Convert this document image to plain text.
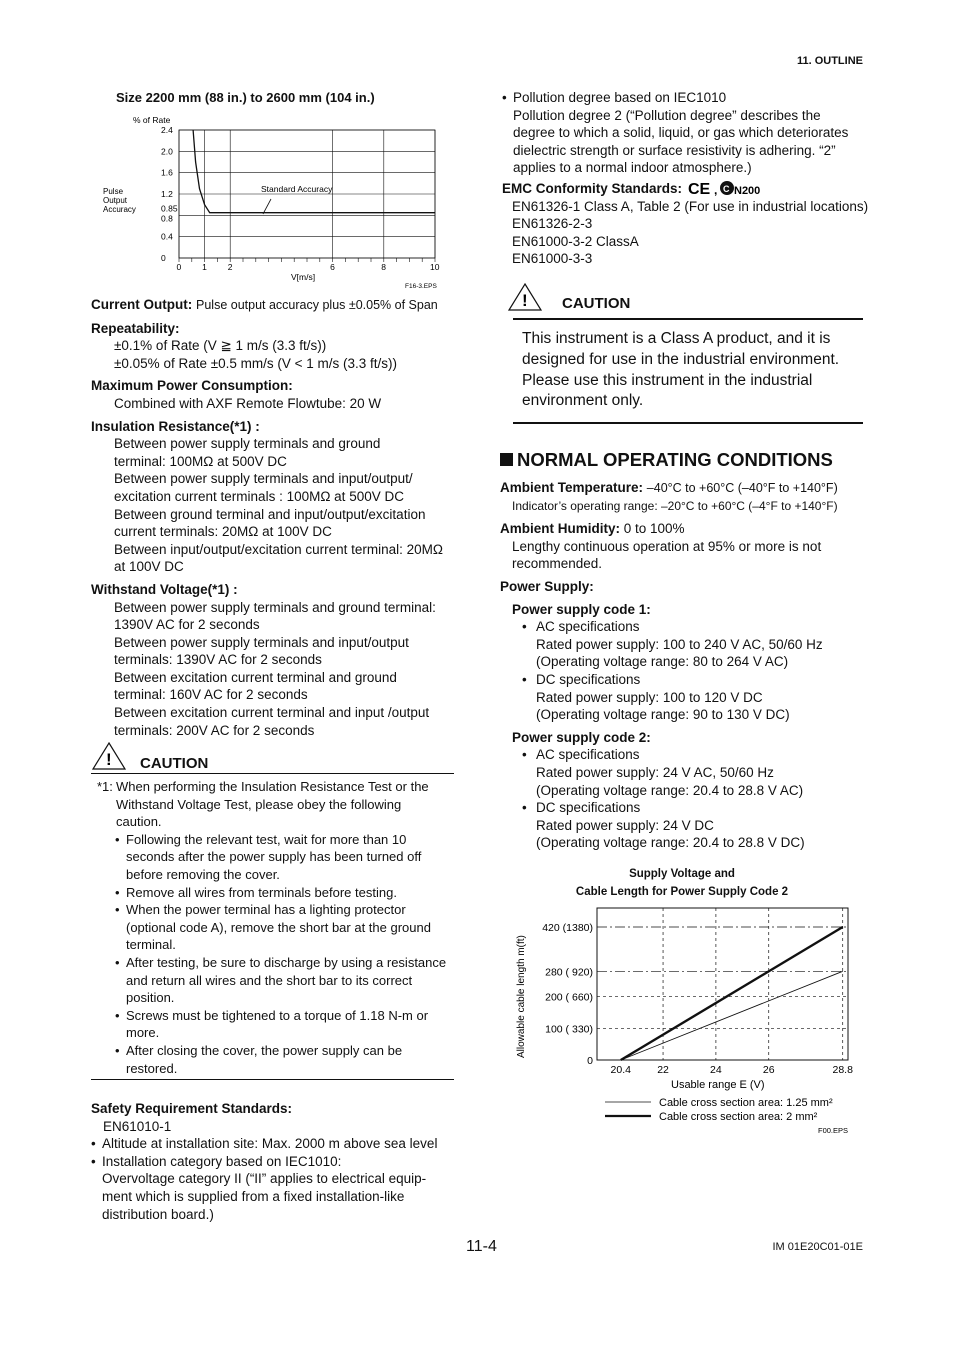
11. OUTLINE
Size 2200 mm (88 in.) to 2600 mm (104 in.)
0
0.4
0.8
0.85
1.2
1.6
2.0
2.4
0 1 2	6	8	10
% of Rate
Pulse Output Accuracy
Standard Accuracy
V[m/s]
F16-3.EPS
Current Output: Pulse output accuracy plus ±0.05% of Span
Repeatability:
±0.1% of Rate (V ≧ 1 m/s (3.3 ft/s))
±0.05% of Rate ±0.5 mm/s (V < 1 m/s (3.3 ft/s))
Maximum Power Consumption:
Combined with AXF Remote Flowtube: 20 W
Insulation Resistance(*1) :
Between power supply terminals and ground
terminal: 100MΩ at 500V DC
Between power supply terminals and input/output/
excitation current terminals : 100MΩ at 500V DC
Between ground terminal and input/output/excitation
current terminals: 20MΩ at 100V DC
Between input/output/excitation current terminal: 20MΩ
at 100V DC
Withstand Voltage(*1) :
Between power supply terminals and ground terminal:
1390V AC for 2 seconds
Between power supply terminals and input/output
terminals: 1390V AC for 2 seconds
Between excitation current terminal and ground
terminal: 160V AC for 2 seconds
Between excitation current terminal and input /output
terminals: 200V AC for 2 seconds
! CAUTION
*1: When performing the Insulation Resistance Test or the
Withstand Voltage Test, please obey the following
caution.
• Following the relevant test, wait for more than 10
seconds after the power supply has been turned off
before removing the cover.
• Remove all wires from terminals before testing.
• When the power terminal has a lighting protector
(optional code A), remove the short bar at the ground
terminal.
• After testing, be sure to discharge by using a resistance
and return all wires and the short bar to its correct
position.
• Screws must be tightened to a torque of 1.18 N-m or
more.
• After closing the cover, the power supply can be
restored.
Safety Requirement Standards:
EN61010-1
• Altitude at installation site: Max. 2000 m above sea level
• Installation category based on IEC1010:
Overvoltage category II (“II” applies to electrical equip-
ment which is supplied from a fixed installation-like
distribution board.)
• Pollution degree based on IEC1010
Pollution degree 2 (“Pollution degree” describes the
degree to which a solid, liquid, or gas which deteriorates
dielectric strength or surface resistivity is adhering. “2”
applies to a normal indoor atmosphere.)
EMC Conformity Standards: CE , C N200
EN61326-1 Class A, Table 2 (For use in industrial locations)
EN61326-2-3
EN61000-3-2 ClassA
EN61000-3-3
! CAUTION
This instrument is a Class A product, and it is
designed for use in the industrial environment.
Please use this instrument in the industrial
environment only.
NORMAL OPERATING CONDITIONS
Ambient Temperature: –40°C to +60°C (–40°F to +140°F)
Indicator’s operating range: –20°C to +60°C (–4°F to +140°F)
Ambient Humidity: 0 to 100%
Lengthy continuous operation at 95% or more is not
recommended.
Power Supply:
Power supply code 1:
• AC specifications
Rated power supply: 100 to 240 V AC, 50/60 Hz
(Operating voltage range: 80 to 264 V AC)
• DC specifications
Rated power supply: 100 to 120 V DC
(Operating voltage range: 90 to 130 V DC)
Power supply code 2:
• AC specifications
Rated power supply: 24 V AC, 50/60 Hz
(Operating voltage range: 20.4 to 28.8 V AC)
• DC specifications
Rated power supply: 24 V DC
(Operating voltage range: 20.4 to 28.8 V DC)
Supply Voltage and
Cable Length for Power Supply Code 2
0
100 ( 330)
200 ( 660)
280 ( 920)
420 (1380)
20.4 22	24	26	28.8
Allowable cable length m(ft)
Usable range E (V)
Cable cross section area: 1.25 mm²
Cable cross section area: 2 mm²
F00.EPS
11-4	IM 01E20C01-01E
